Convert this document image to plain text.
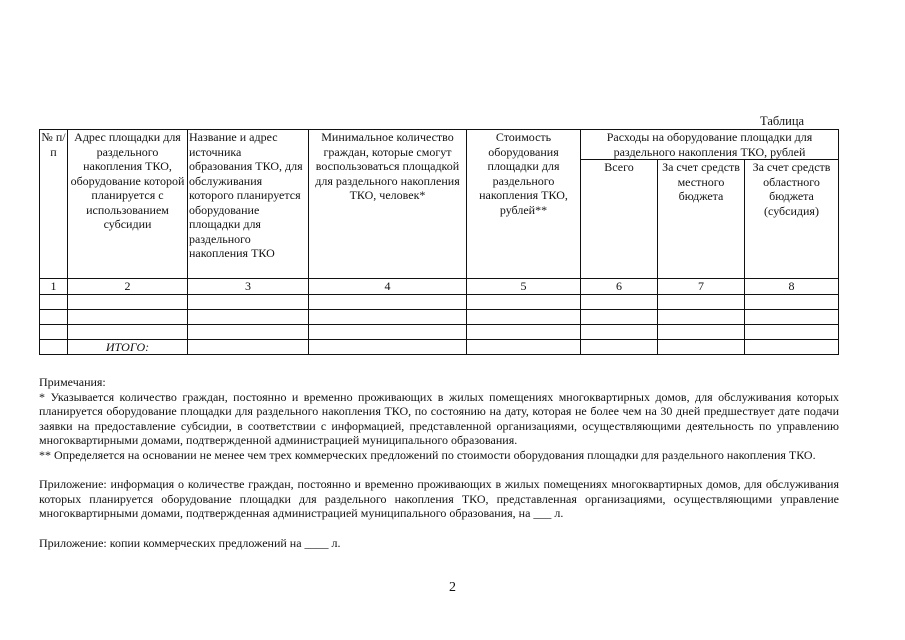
Таблица
№ п/п	Адрес площадки для раздельного накопления ТКО, оборудование которой планируется с использованием субсидии	Название и адрес источника образования ТКО, для обслуживания которого планируется оборудование площадки для раздельного накопления ТКО	Минимальное количество граждан, которые смогут воспользоваться площадкой для раздельного накопления ТКО, человек*	Стоимость оборудования площадки для раздельного накопления ТКО, рублей**	Расходы на оборудование площадки для раздельного накопления ТКО, рублей		
					Всего	За счет средств местного бюджета	За счет средств областного бюджета (субсидия)
1	2	3	4	5	6	7	8

	ИТОГО:						

Примечания:

* Указывается количество граждан, постоянно и временно проживающих в жилых помещениях многоквартирных домов, для обслуживания которых планируется оборудование площадки для раздельного накопления ТКО, по состоянию на дату, которая не более чем на 30 дней предшествует дате подачи заявки на предоставление субсидии, в соответствии с информацией, представленной организациями, осуществляющими деятельность по управлению многоквартирными домами, подтвержденной администрацией муниципального образования.

** Определяется на основании не менее чем трех коммерческих предложений по стоимости оборудования площадки для раздельного накопления ТКО.

Приложение: информация о количестве граждан, постоянно и временно проживающих в жилых помещениях многоквартирных домов, для обслуживания которых планируется оборудование площадки для раздельного накопления ТКО, представленная организациями, осуществляющими управление многоквартирными домами, подтвержденная администрацией муниципального образования, на ___ л.

Приложение: копии коммерческих предложений на ____ л.

2
